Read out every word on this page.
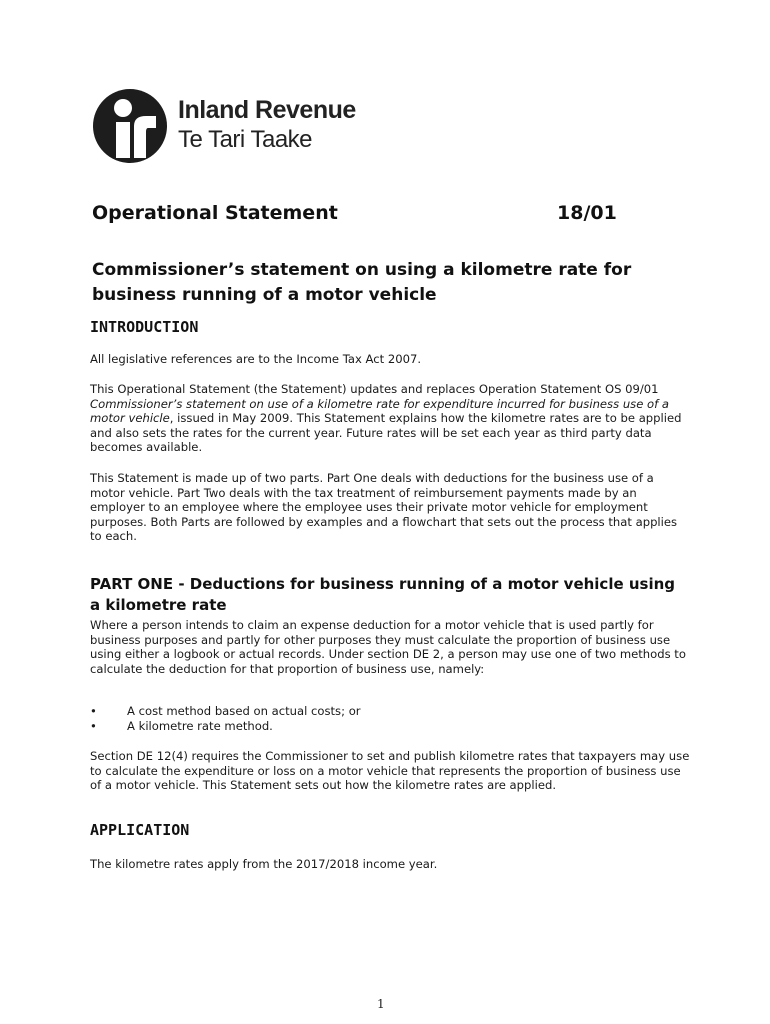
Inland Revenue
Te Tari Taake
Operational Statement	18/01
Commissioner’s statement on using a kilometre rate for business running of a motor vehicle
INTRODUCTION

All legislative references are to the Income Tax Act 2007.

This Operational Statement (the Statement) updates and replaces Operation Statement OS 09/01 Commissioner’s statement on use of a kilometre rate for expenditure incurred for business use of a motor vehicle, issued in May 2009. This Statement explains how the kilometre rates are to be applied and also sets the rates for the current year. Future rates will be set each year as third party data becomes available.

This Statement is made up of two parts. Part One deals with deductions for the business use of a motor vehicle. Part Two deals with the tax treatment of reimbursement payments made by an employer to an employee where the employee uses their private motor vehicle for employment purposes. Both Parts are followed by examples and a flowchart that sets out the process that applies to each.

PART ONE - Deductions for business running of a motor vehicle using a kilometre rate

Where a person intends to claim an expense deduction for a motor vehicle that is used partly for business purposes and partly for other purposes they must calculate the proportion of business use using either a logbook or actual records. Under section DE 2, a person may use one of two methods to calculate the deduction for that proportion of business use, namely:

•	A cost method based on actual costs; or
•	A kilometre rate method.

Section DE 12(4) requires the Commissioner to set and publish kilometre rates that taxpayers may use to calculate the expenditure or loss on a motor vehicle that represents the proportion of business use of a motor vehicle. This Statement sets out how the kilometre rates are applied.

APPLICATION

The kilometre rates apply from the 2017/2018 income year.

1
